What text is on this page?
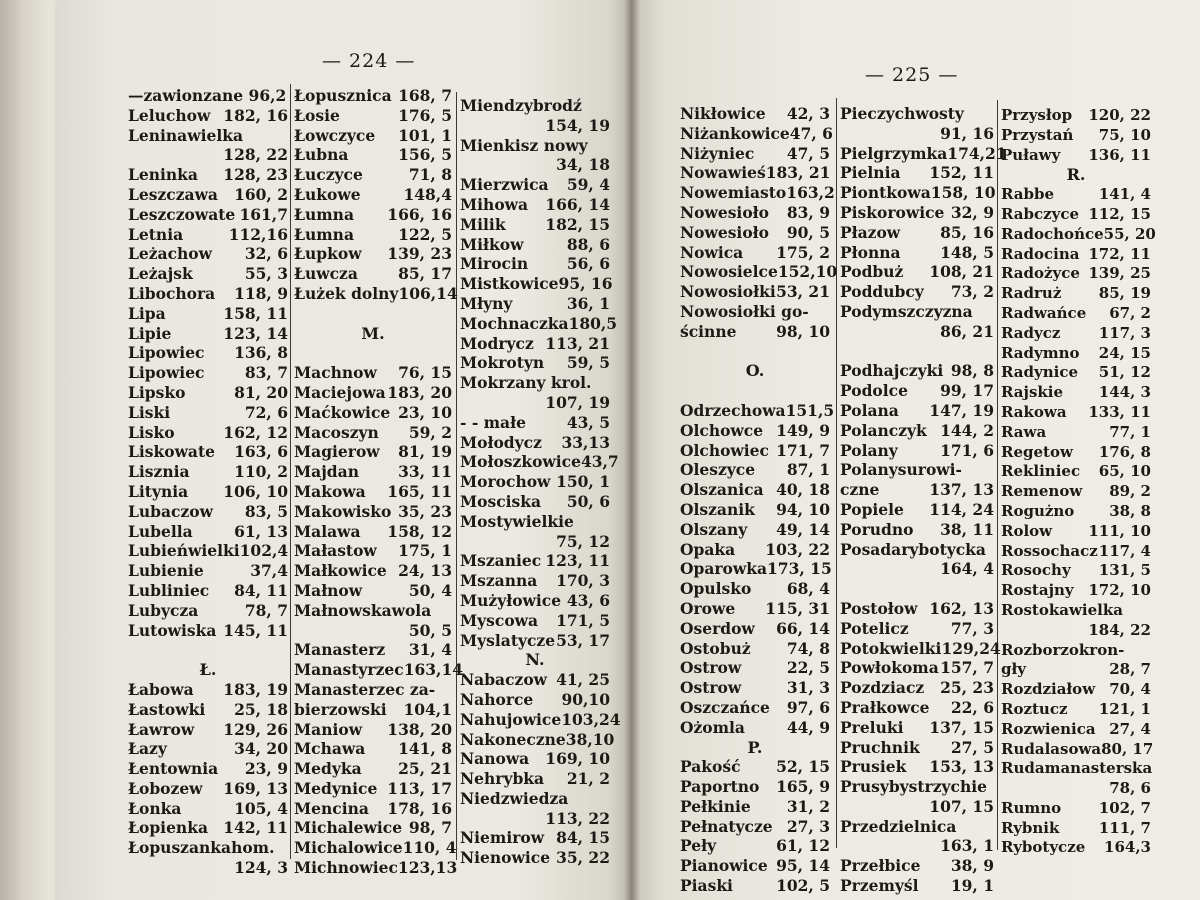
— 224 —
— 225 —
—zawionzane 96,2
Leluchow 182, 16
Leninawielka
128, 22
Leninka 128, 23
Leszczawa 160, 2
Leszczowate 161,7
Letnia	112,16
Leżachow 32, 6
Leżajsk	55, 3
Libochora 118, 9
Lipa	158, 11
Lipie	123, 14
Lipowiec 136, 8
Lipowiec	83, 7
Lipsko	81, 20
Liski	72, 6
Lisko	162, 12
Liskowate 163, 6
Lisznia	110, 2
Litynia 106, 10
Lubaczow 83, 5
Lubella	61, 13
Lubieńwielki 102,4
Lubienie	37,4
Lubliniec 84, 11
Lubycza	78, 7
Lutowiska 145, 11
Ł.
Łabowa 183, 19
Łastowki 25, 18
Ławrow 129, 26
Łazy	34, 20
Łentownia 23, 9
Łobozew 169, 13
Łonka	105, 4
Łopienka 142, 11
Łopuszankahom.
124, 3
Łopusznica 168, 7
Łosie	176, 5
Łowczyce 101, 1
Łubna	156, 5
Łuczyce	71, 8
Łukowe	148,4
Łumna 166, 16
Łumna	122, 5
Łupkow 139, 23
Łuwcza	85, 17
Łużek dolny 106,14
M.
Machnow 76, 15
Maciejowa 183, 20
Maćkowice 23, 10
Macoszyn 59, 2
Magierow 81, 19
Majdan	33, 11
Makowa 165, 11
Makowisko 35, 23
Malawa 158, 12
Małastow 175, 1
Małkowice 24, 13
Małnow	50, 4
Małnowskawola
50, 5
Manasterz 31, 4
Manastyrzec 163,14
Manasterzec za-
bierzowski 104,1
Maniow 138, 20
Mchawa 141, 8
Medyka 25, 21
Medynice 113, 17
Mencina 178, 16
Michalewice 98, 7
Michalowice 110, 4
Michnowiec 123,13
Miendzybrodź
154, 19
Mienkisz nowy
34, 18
Mierzwica 59, 4
Mihowa 166, 14
Milik	182, 15
Miłkow	88, 6
Mirocin 56, 6
Mistkowice 95, 16
Młyny	36, 1
Mochnaczka 180,5
Modrycz 113, 21
Mokrotyn 59, 5
Mokrzany krol.
107, 19
- - małe	43, 5
Mołodycz 33,13
Mołoszkowice 43,7
Morochow 150, 1
Mosciska 50, 6
Mostywielkie
75, 12
Mszaniec 123, 11
Mszanna 170, 3
Mużyłowice 43, 6
Myscowa 171, 5
Myslatycze 53, 17
N.
Nabaczow 41, 25
Nahorce 90,10
Nahujowice 103,24
Nakoneczne 38,10
Nanowa 169, 10
Nehrybka 21, 2
Niedzwiedza
113, 22
Niemirow 84, 15
Nienowice 35, 22
Nikłowice 42, 3
Niżankowice 47, 6
Niżyniec 47, 5
Nowawieś 183, 21
Nowemiasto 163,2
Nowesioło 83, 9
Nowesioło 90, 5
Nowica 175, 2
Nowosielce 152,10
Nowosiołki 53, 21
Nowosiołki go-
ścinne	98, 10
O.
Odrzechowa 151,5
Olchowce 149, 9
Olchowiec 171, 7
Oleszyce 87, 1
Olszanica 40, 18
Olszanik 94, 10
Olszany 49, 14
Opaka 103, 22
Oparowka 173, 15
Opulsko 68, 4
Orowe 115, 31
Oserdow 66, 14
Ostobuż 74, 8
Ostrow	22, 5
Ostrow	31, 3
Oszczańce 97, 6
Ożomla	44, 9
P.
Pakość 52, 15
Paportno 165, 9
Pełkinie 31, 2
Pełnatycze 27, 3
Peły	61, 12
Pianowice 95, 14
Piaski	102, 5
Pieczychwosty
91, 16
Pielgrzymka 174,21
Pielnia 152, 11
Piontkowa 158, 10
Piskorowice 32, 9
Płazow	85, 16
Płonna	148, 5
Podbuż 108, 21
Poddubcy 73, 2
Podymszczyzna
86, 21
Podhajczyki 98, 8
Podolce 99, 17
Polana 147, 19
Polanczyk 144, 2
Polany	171, 6
Polanysurowi-
czne	137, 13
Popiele 114, 24
Porudno 38, 11
Posadarybotycka
164, 4
Postołow 162, 13
Potelicz	77, 3
Potokwielki 129,24
Powłokoma 157, 7
Pozdziacz 25, 23
Prałkowce 22, 6
Preluki 137, 15
Pruchnik 27, 5
Prusiek 153, 13
Prusybystrzychie
107, 15
Przedzielnica
163, 1
Przełbice 38, 9
Przemyśl 19, 1
Przysłop 120, 22
Przystań 75, 10
Puławy 136, 11
R.
Rabbe	141, 4
Rabczyce 112, 15
Radochońce 55, 20
Radocina 172, 11
Radożyce 139, 25
Radruż 85, 19
Radwańce 67, 2
Radycz	117, 3
Radymno 24, 15
Radynice 51, 12
Rajskie 144, 3
Rakowa 133, 11
Rawa	77, 1
Regetow 176, 8
Rekliniec 65, 10
Remenow 89, 2
Rogużno 38, 8
Rolow 111, 10
Rossochacz 117, 4
Rosochy 131, 5
Rostajny 172, 10
Rostokawielka
184, 22
Rozborzokron-
gły	28, 7
Rozdziałow 70, 4
Roztucz 121, 1
Rozwienica 27, 4
Rudalasowa 80, 17
Rudamanasterska
78, 6
Rumno	102, 7
Rybnik	111, 7
Rybotycze 164,3
